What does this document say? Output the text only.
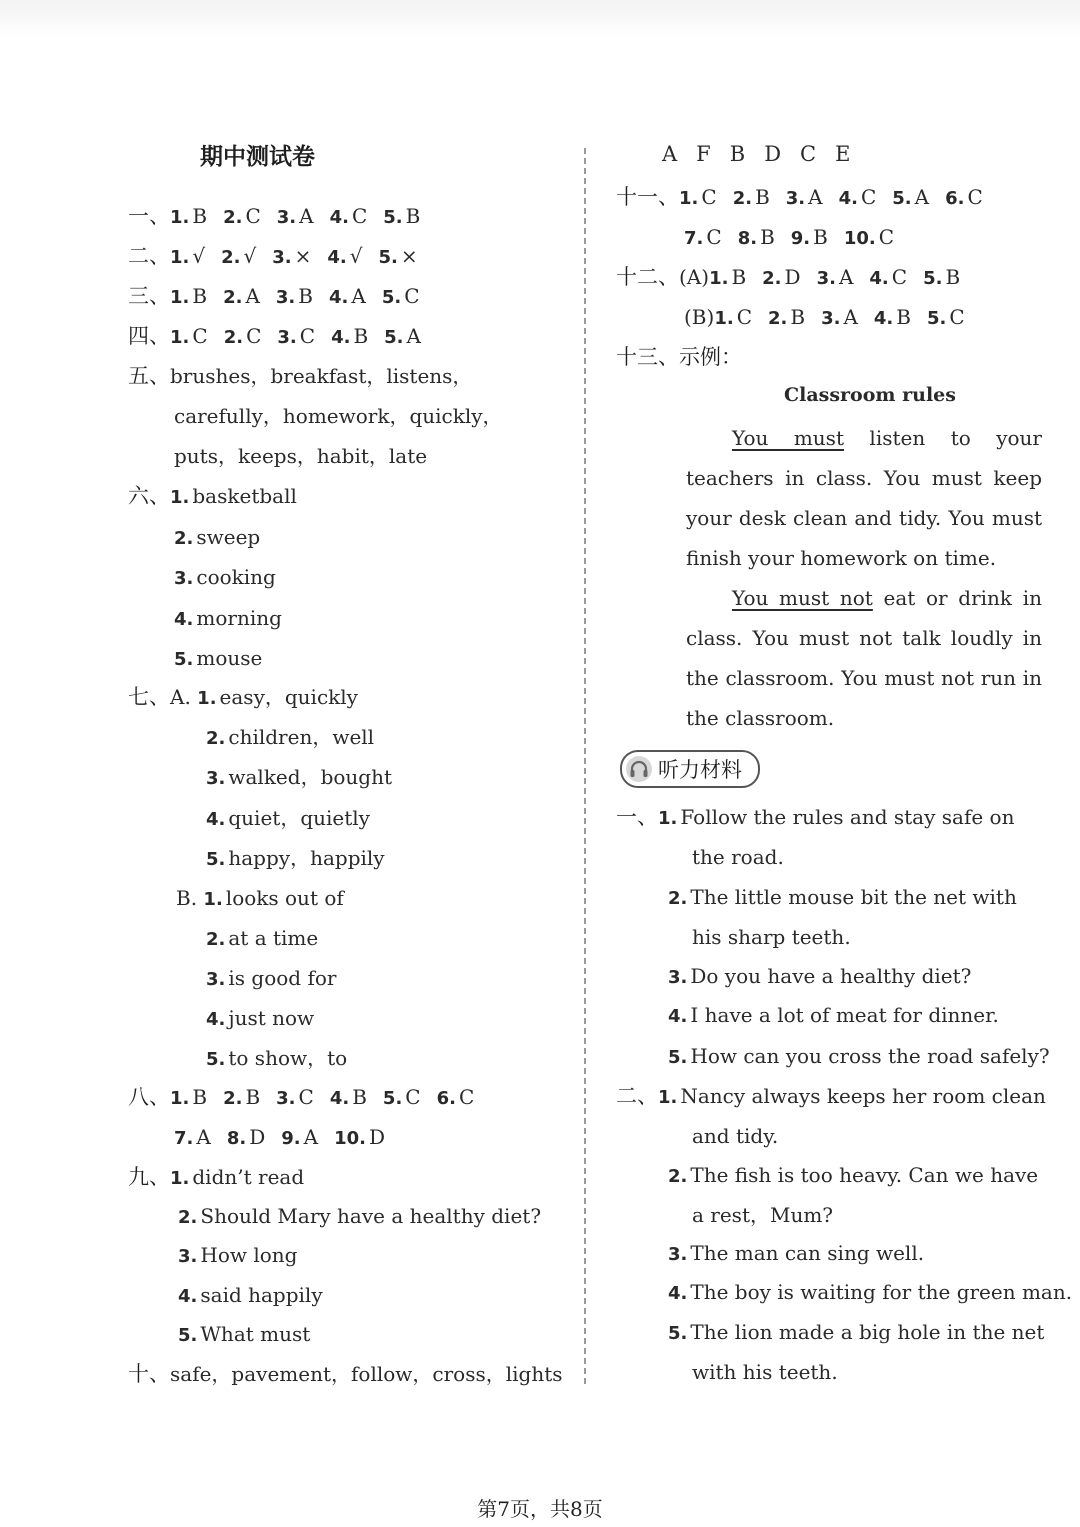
期中测试卷
一、1. B 2. C 3. A 4. C 5. B
二、1. √ 2. √ 3. × 4. √ 5. ×
三、1. B 2. A 3. B 4. A 5. C
四、1. C 2. C 3. C 4. B 5. A
五、brushes，breakfast，listens，
carefully，homework，quickly，
puts，keeps，habit，late
六、1. basketball
2. sweep
3. cooking
4. morning
5. mouse
七、A. 1. easy，quickly
2. children，well
3. walked，bought
4. quiet，quietly
5. happy，happily
B. 1. looks out of
2. at a time
3. is good for
4. just now
5. to show，to
八、1. B 2. B 3. C 4. B 5. C 6. C
7. A 8. D 9. A 10. D
九、1. didn’t read
2. Should Mary have a healthy diet?
3. How long
4. said happily
5. What must
十、safe，pavement，follow，cross，lights
A F B D C E
十一、1. C 2. B 3. A 4. C 5. A 6. C
7. C 8. B 9. B 10. C
十二、(A)1. B 2. D 3. A 4. C 5. B
(B)1. C 2. B 3. A 4. B 5. C
十三、示例：
Classroom rules
You must listen to your teachers in class. You must keep your desk clean and tidy. You must finish your homework on time.
You must not eat or drink in class. You must not talk loudly in the classroom. You must not run in the classroom.
听力材料
一、1. Follow the rules and stay safe on
the road.
2. The little mouse bit the net with
his sharp teeth.
3. Do you have a healthy diet?
4. I have a lot of meat for dinner.
5. How can you cross the road safely?
二、1. Nancy always keeps her room clean
and tidy.
2. The fish is too heavy. Can we have
a rest，Mum?
3. The man can sing well.
4. The boy is waiting for the green man.
5. The lion made a big hole in the net
with his teeth.
第7页，共8页
